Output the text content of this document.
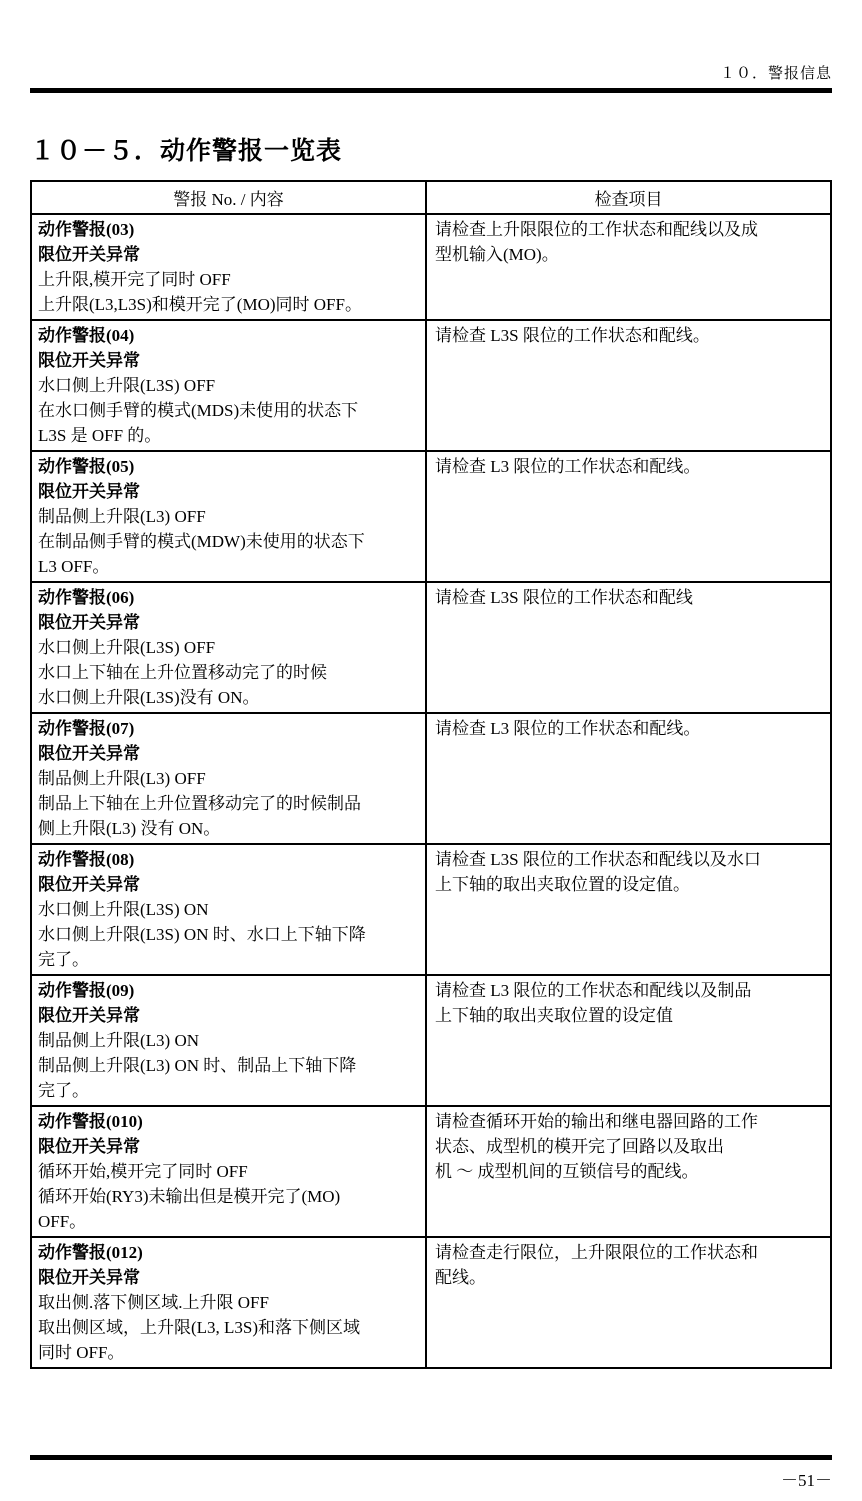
１０．警报信息
１０－５．动作警报一览表
警报 No. / 内容	检查项目
动作警报(03)
限位开关异常
上升限,模开完了同时 OFF
上升限(L3,L3S)和模开完了(MO)同时 OFF。
请检查上升限限位的工作状态和配线以及成
型机输入(MO)。
动作警报(04)
限位开关异常
水口侧上升限(L3S) OFF
在水口侧手臂的模式(MDS)未使用的状态下
L3S 是 OFF 的。
请检查 L3S 限位的工作状态和配线。
动作警报(05)
限位开关异常
制品侧上升限(L3) OFF
在制品侧手臂的模式(MDW)未使用的状态下
L3 OFF。
请检查 L3 限位的工作状态和配线。
动作警报(06)
限位开关异常
水口侧上升限(L3S) OFF
水口上下轴在上升位置移动完了的时候
水口侧上升限(L3S)没有 ON。
请检查 L3S 限位的工作状态和配线
动作警报(07)
限位开关异常
制品侧上升限(L3) OFF
制品上下轴在上升位置移动完了的时候制品
侧上升限(L3) 没有 ON。
请检查 L3 限位的工作状态和配线。
动作警报(08)
限位开关异常
水口侧上升限(L3S) ON
水口侧上升限(L3S) ON 时、水口上下轴下降
完了。
请检查 L3S 限位的工作状态和配线以及水口
上下轴的取出夹取位置的设定值。
动作警报(09)
限位开关异常
制品侧上升限(L3) ON
制品侧上升限(L3) ON 时、制品上下轴下降
完了。
请检查 L3 限位的工作状态和配线以及制品
上下轴的取出夹取位置的设定值
动作警报(010)
限位开关异常
循环开始,模开完了同时 OFF
循环开始(RY3)未输出但是模开完了(MO)
OFF。
请检查循环开始的输出和继电器回路的工作
状态、成型机的模开完了回路以及取出
机 ～ 成型机间的互锁信号的配线。
动作警报(012)
限位开关异常
取出侧.落下侧区域.上升限 OFF
取出侧区域，上升限(L3, L3S)和落下侧区域
同时 OFF。
请检查走行限位，上升限限位的工作状态和
配线。
－51－
